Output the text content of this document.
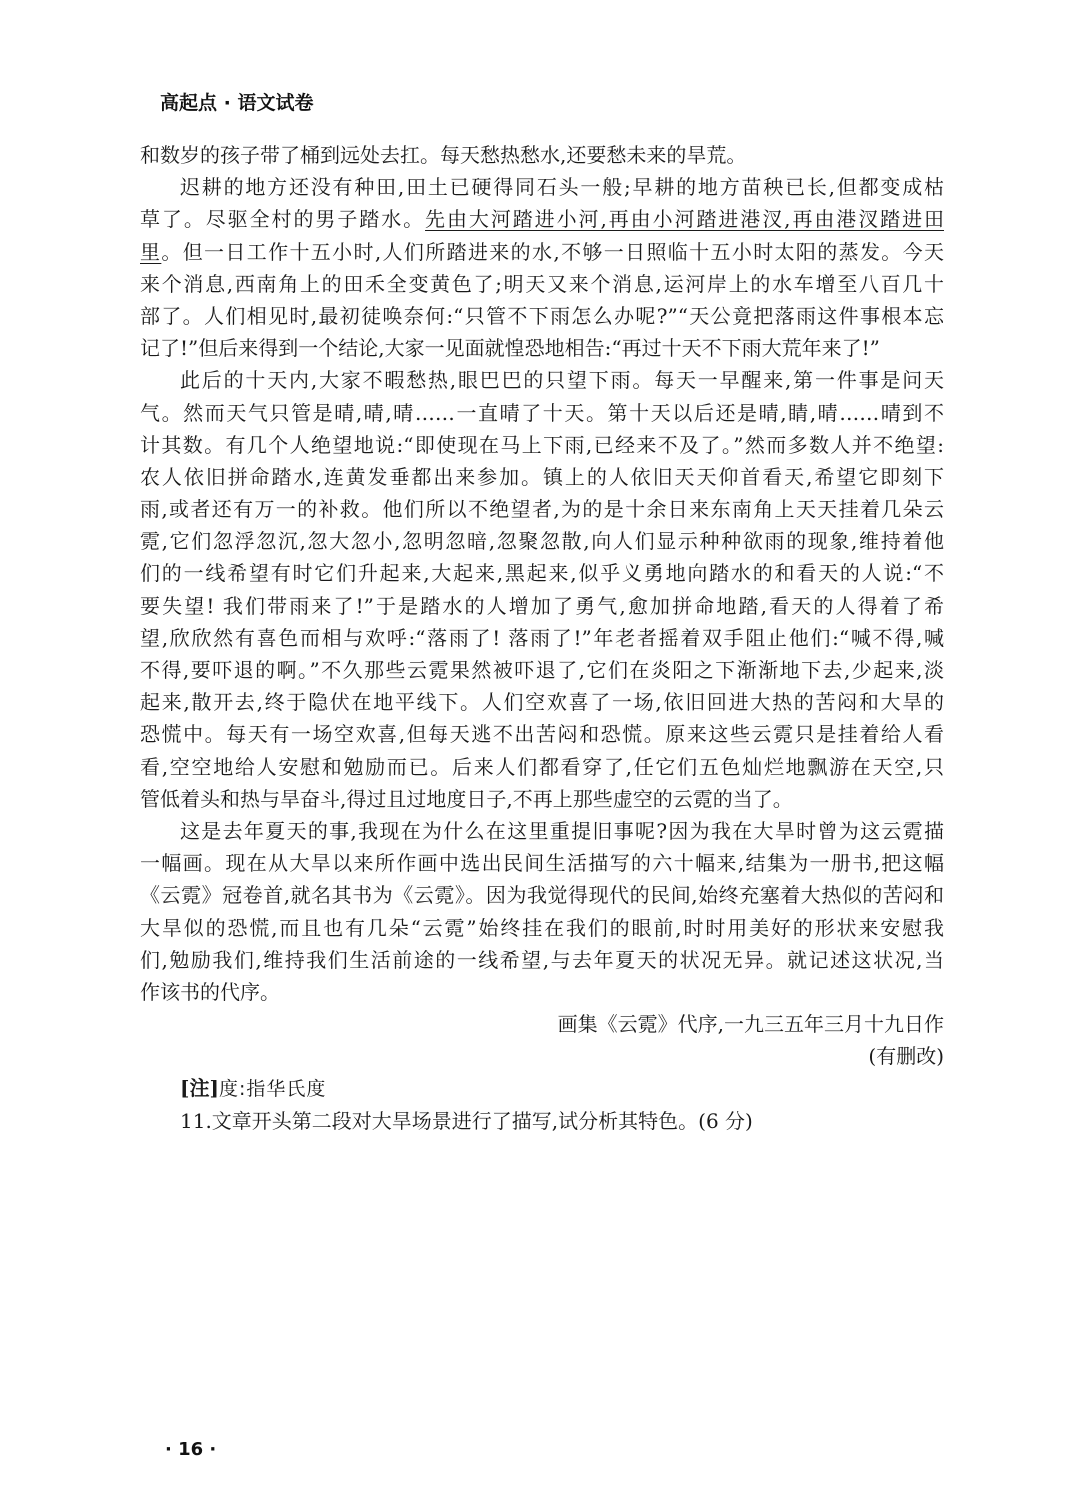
高起点 · 语文试卷
和数岁的孩子带了桶到远处去扛。每天愁热愁水,还要愁未来的旱荒。
迟耕的地方还没有种田,田土已硬得同石头一般;早耕的地方苗秧已长,但都变成枯
草了。尽驱全村的男子踏水。先由大河踏进小河,再由小河踏进港汊,再由港汊踏进田
里。但一日工作十五小时,人们所踏进来的水,不够一日照临十五小时太阳的蒸发。今天
来个消息,西南角上的田禾全变黄色了;明天又来个消息,运河岸上的水车增至八百几十
部了。人们相见时,最初徒唤奈何:“只管不下雨怎么办呢?”“天公竟把落雨这件事根本忘
记了!”但后来得到一个结论,大家一见面就惶恐地相告:“再过十天不下雨大荒年来了!”
此后的十天内,大家不暇愁热,眼巴巴的只望下雨。每天一早醒来,第一件事是问天
气。然而天气只管是晴,晴,晴……一直晴了十天。第十天以后还是晴,睛,晴……晴到不
计其数。有几个人绝望地说:“即使现在马上下雨,已经来不及了。”然而多数人并不绝望:
农人依旧拼命踏水,连黄发垂都出来参加。镇上的人依旧天天仰首看天,希望它即刻下
雨,或者还有万一的补救。他们所以不绝望者,为的是十余日来东南角上天天挂着几朵云
霓,它们忽浮忽沉,忽大忽小,忽明忽暗,忽聚忽散,向人们显示种种欲雨的现象,维持着他
们的一线希望有时它们升起来,大起来,黑起来,似乎义勇地向踏水的和看天的人说:“不
要失望! 我们带雨来了!”于是踏水的人增加了勇气,愈加拼命地踏,看天的人得着了希
望,欣欣然有喜色而相与欢呼:“落雨了! 落雨了!”年老者摇着双手阻止他们:“喊不得,喊
不得,要吓退的啊。”不久那些云霓果然被吓退了,它们在炎阳之下渐渐地下去,少起来,淡
起来,散开去,终于隐伏在地平线下。人们空欢喜了一场,依旧回进大热的苦闷和大旱的
恐慌中。每天有一场空欢喜,但每天逃不出苦闷和恐慌。原来这些云霓只是挂着给人看
看,空空地给人安慰和勉励而已。后来人们都看穿了,任它们五色灿烂地飘游在天空,只
管低着头和热与旱奋斗,得过且过地度日子,不再上那些虚空的云霓的当了。
这是去年夏天的事,我现在为什么在这里重提旧事呢?因为我在大旱时曾为这云霓描
一幅画。现在从大旱以来所作画中选出民间生活描写的六十幅来,结集为一册书,把这幅
《云霓》冠卷首,就名其书为《云霓》。因为我觉得现代的民间,始终充塞着大热似的苦闷和
大旱似的恐慌,而且也有几朵“云霓”始终挂在我们的眼前,时时用美好的形状来安慰我
们,勉励我们,维持我们生活前途的一线希望,与去年夏天的状况无异。就记述这状况,当
作该书的代序。
画集《云霓》代序,一九三五年三月十九日作
(有删改)
[注]度:指华氏度
11.文章开头第二段对大旱场景进行了描写,试分析其特色。(6 分)
· 16 ·
